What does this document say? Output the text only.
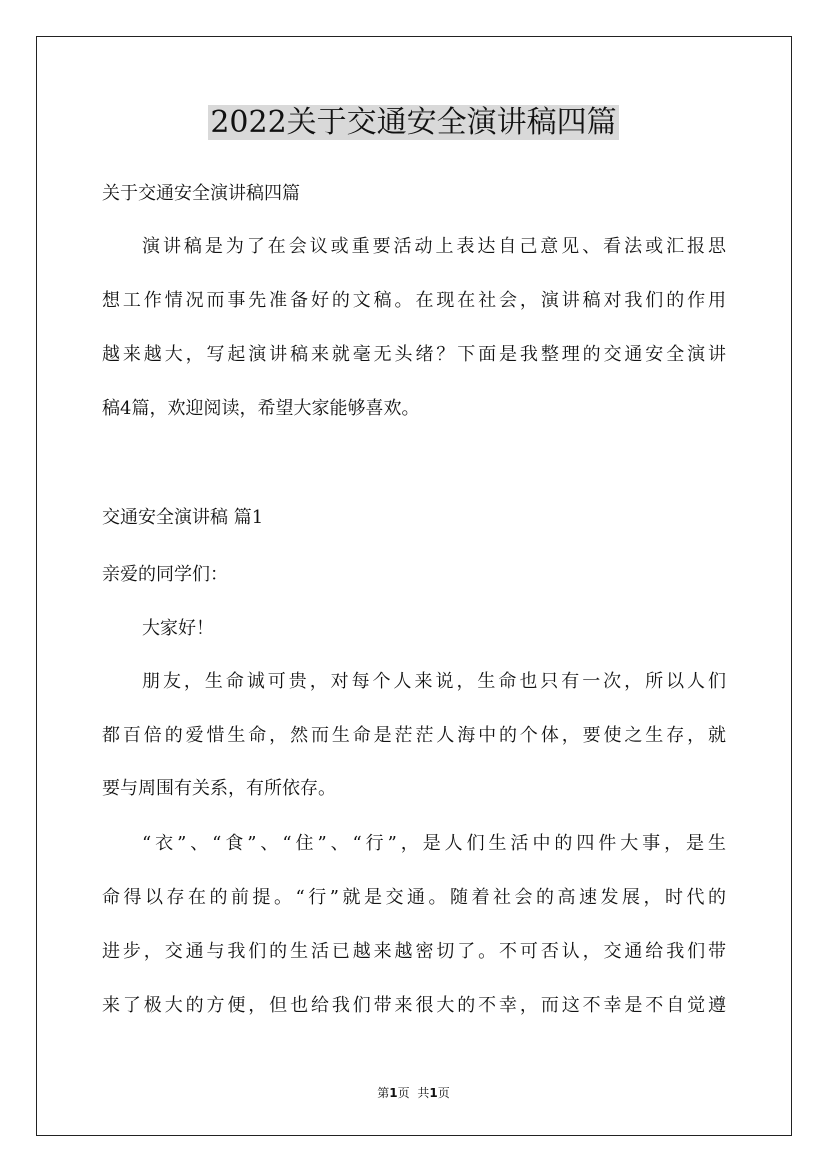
2022关于交通安全演讲稿四篇
关于交通安全演讲稿四篇
演讲稿是为了在会议或重要活动上表达自己意见、看法或汇报思
想工作情况而事先准备好的文稿。在现在社会，演讲稿对我们的作用
越来越大，写起演讲稿来就毫无头绪？下面是我整理的交通安全演讲
稿4篇，欢迎阅读，希望大家能够喜欢。
交通安全演讲稿 篇1
亲爱的同学们：
大家好！
朋友，生命诚可贵，对每个人来说，生命也只有一次，所以人们
都百倍的爱惜生命，然而生命是茫茫人海中的个体，要使之生存，就
要与周围有关系，有所依存。
“衣”、“食”、“住”、“行”，是人们生活中的四件大事，是生
命得以存在的前提。“行”就是交通。随着社会的高速发展，时代的
进步，交通与我们的生活已越来越密切了。不可否认，交通给我们带
来了极大的方便，但也给我们带来很大的不幸，而这不幸是不自觉遵
第1页 共1页
